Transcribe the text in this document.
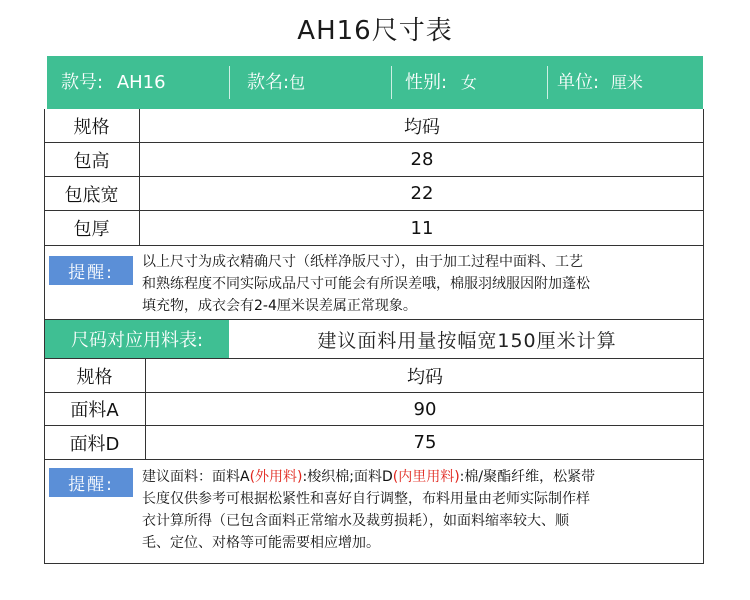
AH16尺寸表
款号: AH16	款名:包	性别: 女	单位: 厘米
规格	均码
包高	28
包底宽	22
包厚	11
提醒:
以上尺寸为成衣精确尺寸（纸样净版尺寸），由于加工过程中面料、工艺
和熟练程度不同实际成品尺寸可能会有所误差哦，棉服羽绒服因附加蓬松
填充物，成衣会有2-4厘米误差属正常现象。
尺码对应用料表:	建议面料用量按幅宽150厘米计算
规格	均码
面料A	90
面料D	75
提醒:	建议面料：面料A(外用料):梭织棉;面料D(内里用料):棉/聚酯纤维，松紧带
长度仅供参考可根据松紧性和喜好自行调整，布料用量由老师实际制作样
衣计算所得（已包含面料正常缩水及裁剪损耗），如面料缩率较大、顺
毛、定位、对格等可能需要相应增加。
